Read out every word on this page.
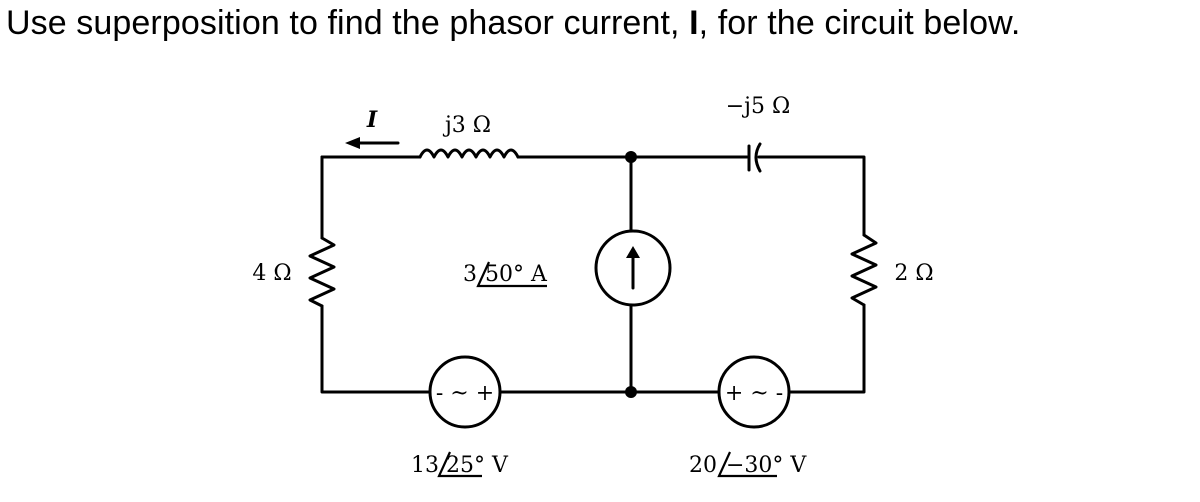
Use superposition to find the phasor current, I, for the circuit below.

- ~ +	+ ~ -
I	j3 Ω
−j5 Ω
4 Ω	2 Ω
3 50° A
13 25° V	20 −30° V
